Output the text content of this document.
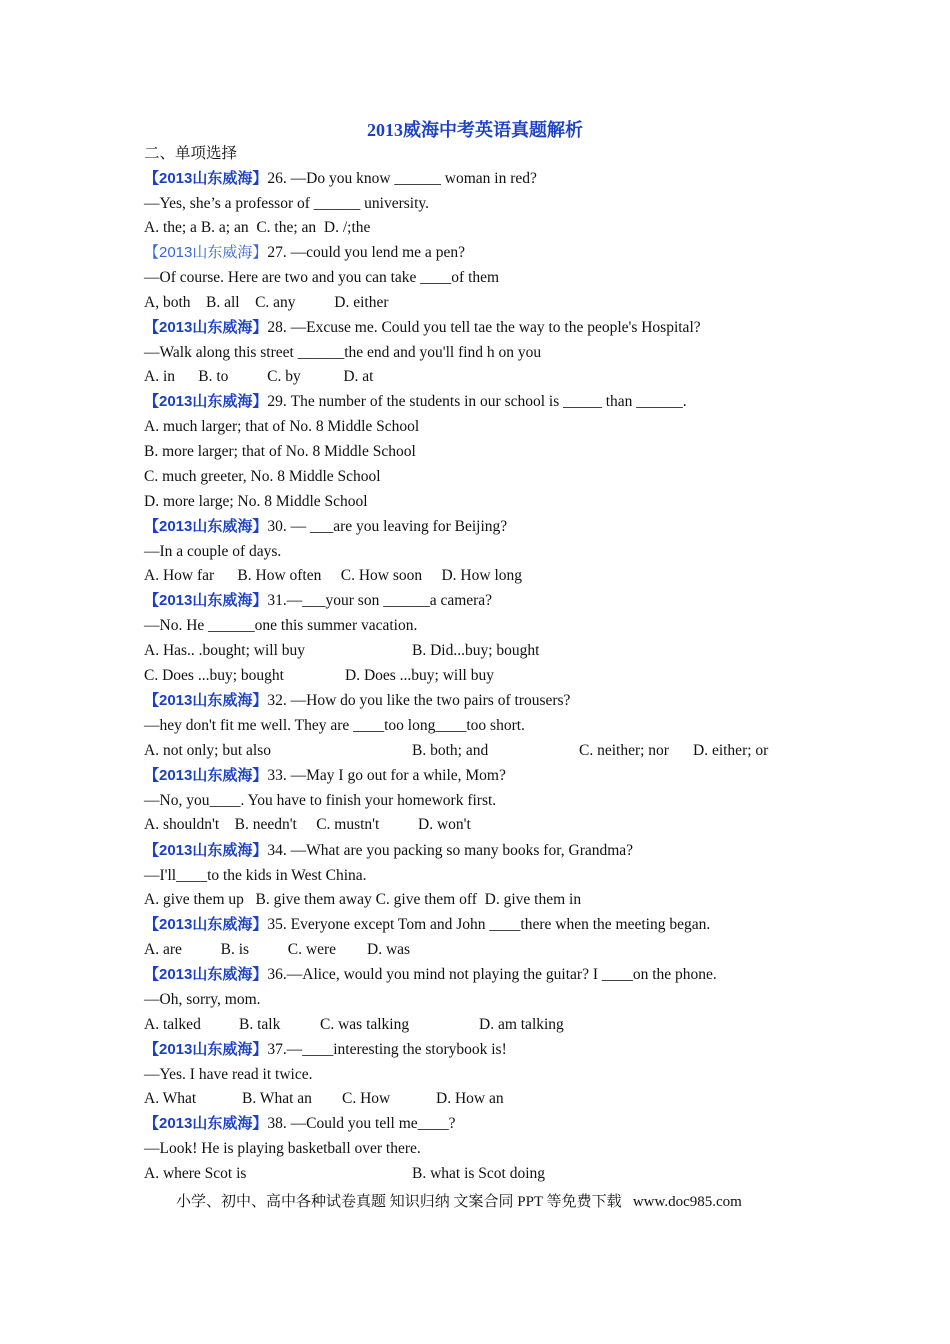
2013威海中考英语真题解析
二、单项选择
【2013山东威海】26. —Do you know ______ woman in red?
—Yes, she’s a professor of ______ university.
A. the; a B. a; an  C. the; an  D. /;the
【2013山东威海】27. —could you lend me a pen?
—Of course. Here are two and you can take ____of them
A, both    B. all    C. any          D. either
【2013山东威海】28. —Excuse me. Could you tell tae the way to the people's Hospital?
—Walk along this street ______the end and you'll find h on you
A. in      B. to          C. by           D. at
【2013山东威海】29. The number of the students in our school is _____ than ______.
A. much larger; that of No. 8 Middle School
B. more larger; that of No. 8 Middle School
C. much greeter, No. 8 Middle School
D. more large; No. 8 Middle School
【2013山东威海】30. — ___are you leaving for Beijing?
—In a couple of days.
A. How far      B. How often     C. How soon     D. How long
【2013山东威海】31.—___your son ______a camera?
—No. He ______one this summer vacation.
A. Has.. .bought; will buy	B. Did...buy; bought
C. Does ...buy; bought	D. Does ...buy; will buy
【2013山东威海】32. —How do you like the two pairs of trousers?
—hey don't fit me well. They are ____too long____too short.
A. not only; but also	B. both; and	C. neither; nor D. either; or
【2013山东威海】33. —May I go out for a while, Mom?
—No, you____. You have to finish your homework first.
A. shouldn't    B. needn't     C. mustn't          D. won't
【2013山东威海】34. —What are you packing so many books for, Grandma?
—I'll____to the kids in West China.
A. give them up   B. give them away C. give them off  D. give them in
【2013山东威海】35. Everyone except Tom and John ____there when the meeting began.
A. are          B. is          C. were        D. was
【2013山东威海】36.—Alice, would you mind not playing the guitar? I ____on the phone.
—Oh, sorry, mom.
A. talked B. talk	C. was talking	D. am talking
【2013山东威海】37.—____interesting the storybook is!
—Yes. I have read it twice.
A. What	B. What an C. How	D. How an
【2013山东威海】38. —Could you tell me____?
—Look! He is playing basketball over there.
A. where Scot is	B. what is Scot doing
小学、初中、高中各种试卷真题 知识归纳 文案合同 PPT 等免费下载   www.doc985.com
